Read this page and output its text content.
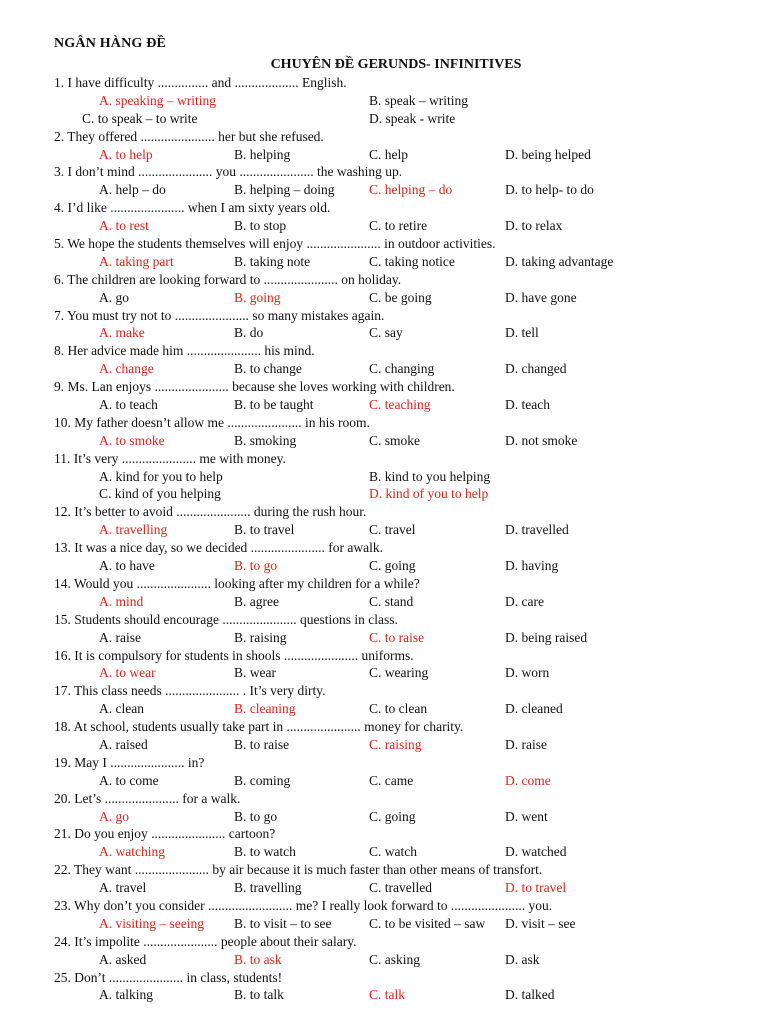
NGÂN HÀNG ĐỀ
CHUYÊN ĐỀ GERUNDS- INFINITIVES
1. I have difficulty ............... and ................... English.
A. speaking – writing	B. speak – writing
C. to speak – to write	D. speak - write
2. They offered ...................... her but she refused.
A. to help	B. helping	C. help	D. being helped
3. I don’t mind ...................... you ...................... the washing up.
A. help – do	B. helping – doing	C. helping – do	D. to help- to do
4. I’d like ...................... when I am sixty years old.
A. to rest	B. to stop	C. to retire	D. to relax
5. We hope the students themselves will enjoy ...................... in outdoor activities.
A. taking part	B. taking note	C. taking notice	D. taking advantage
6. The children are looking forward to ...................... on holiday.
A. go	B. going	C. be going	D. have gone
7. You must try not to ...................... so many mistakes again.
A. make	B. do	C. say	D. tell
8. Her advice made him ...................... his mind.
A. change	B. to change	C. changing	D. changed
9. Ms. Lan enjoys ...................... because she loves working with children.
A. to teach	B. to be taught	C. teaching	D. teach
10. My father doesn’t allow me ...................... in his room.
A. to smoke	B. smoking	C. smoke	D. not smoke
11. It’s very ...................... me with money.
A. kind for you to help	B. kind to you helping
C. kind of you helping	D. kind of you to help
12. It’s better to avoid ...................... during the rush hour.
A. travelling	B. to travel	C. travel	D. travelled
13. It was a nice day, so we decided ...................... for awalk.
A. to have	B. to go	C. going	D. having
14. Would you ...................... looking after my children for a while?
A. mind	B. agree	C. stand	D. care
15. Students should encourage ...................... questions in class.
A. raise	B. raising	C. to raise	D. being raised
16. It is compulsory for students in shools ...................... uniforms.
A. to wear	B. wear	C. wearing	D. worn
17. This class needs ...................... . It’s very dirty.
A. clean	B. cleaning	C. to clean	D. cleaned
18. At school, students usually take part in ...................... money for charity.
A. raised	B. to raise	C. raising	D. raise
19. May I ...................... in?
A. to come	B. coming	C. came	D. come
20. Let’s ...................... for a walk.
A. go	B. to go	C. going	D. went
21. Do you enjoy ...................... cartoon?
A. watching	B. to watch	C. watch	D. watched
22. They want ...................... by air because it is much faster than other means of transfort.
A. travel	B. travelling	C. travelled	D. to travel
23. Why don’t you consider ......................... me? I really look forward to ...................... you.
A. visiting – seeing B. to visit – to see	C. to be visited – saw D. visit – see
24. It’s impolite ...................... people about their salary.
A. asked	B. to ask	C. asking	D. ask
25. Don’t ...................... in class, students!
A. talking	B. to talk	C. talk	D. talked
